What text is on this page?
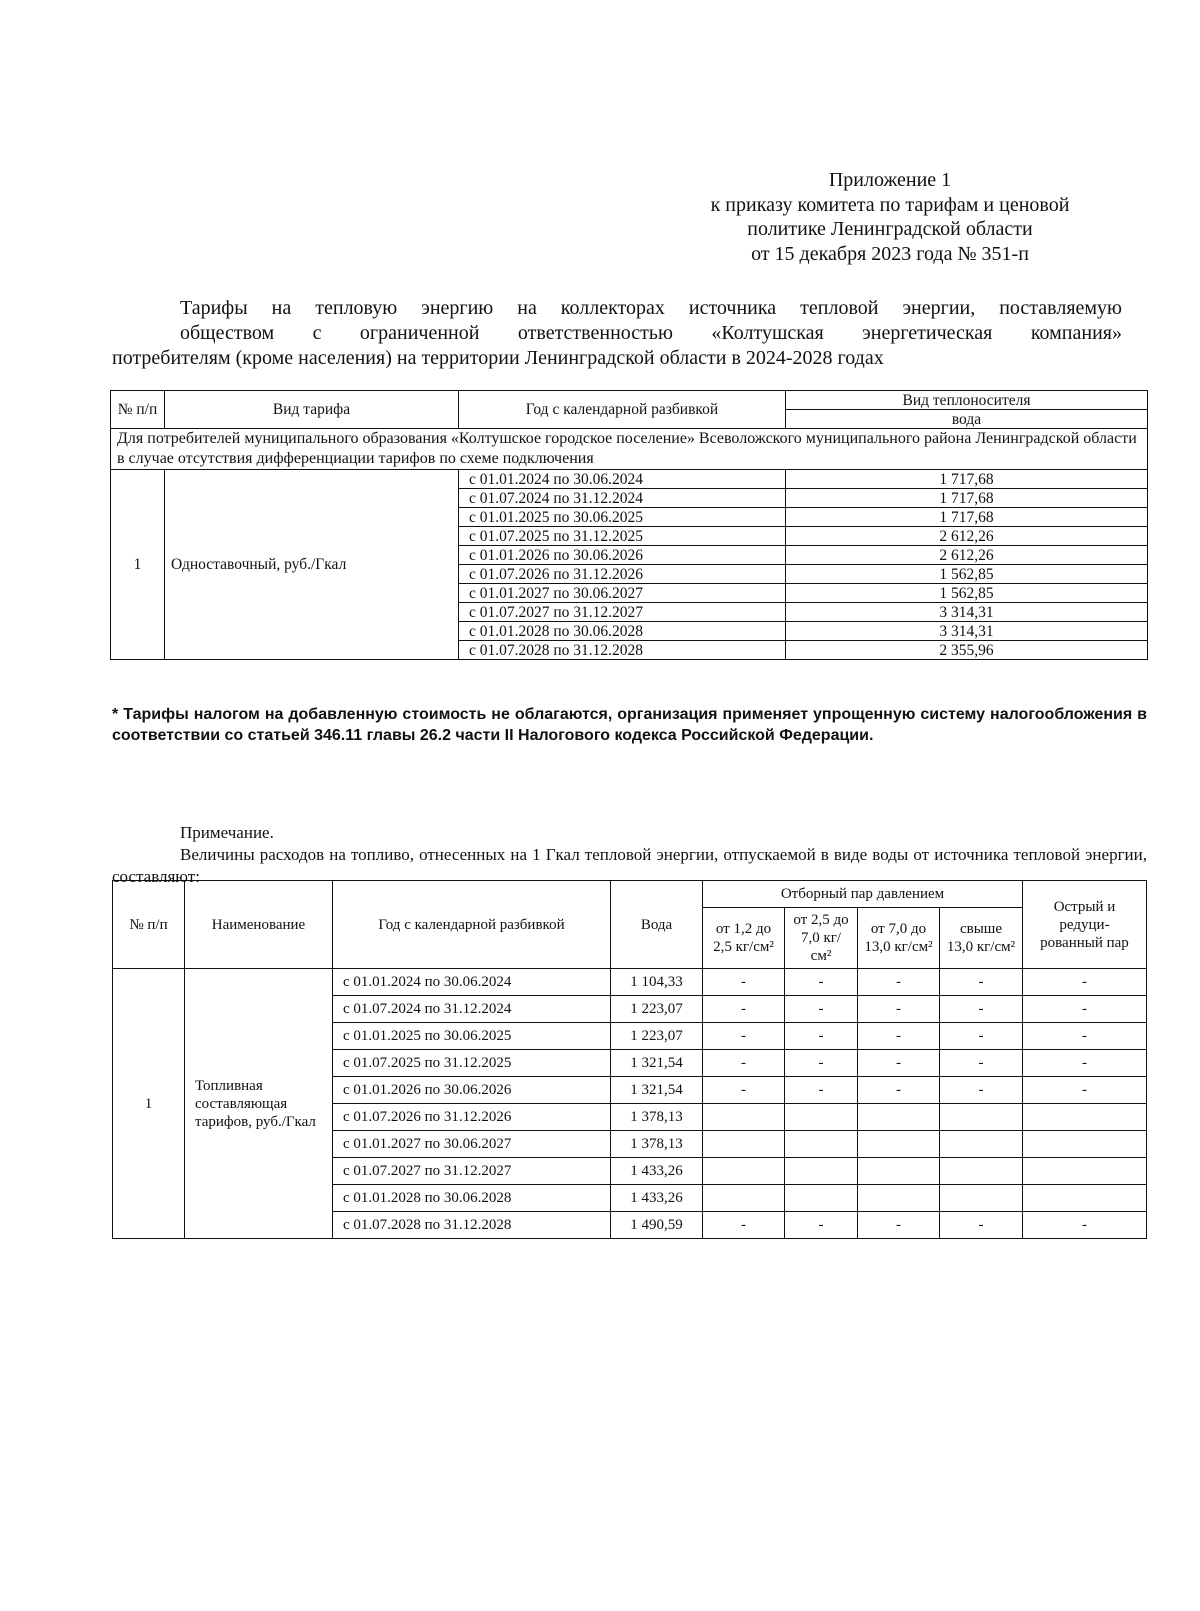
Приложение 1
к приказу комитета по тарифам и ценовой
политике Ленинградской области
от 15 декабря 2023 года № 351-п
Тарифы на тепловую энергию на коллекторах источника тепловой энергии, поставляемую
обществом с ограниченной ответственностью «Колтушская энергетическая компания»
потребителям (кроме населения) на территории Ленинградской области в 2024-2028 годах
№ п/п	Вид тарифа	Год с календарной разбивкой	Вид теплоносителя
			вода
Для потребителей муниципального образования «Колтушское городское поселение» Всеволожского муниципального района Ленинградской области в случае отсутствия дифференциации тарифов по схеме подключения			
1	Одноставочный, руб./Гкал	с 01.01.2024 по 30.06.2024	1 717,68
		с 01.07.2024 по 31.12.2024	1 717,68
		с 01.01.2025 по 30.06.2025	1 717,68
		с 01.07.2025 по 31.12.2025	2 612,26
		с 01.01.2026 по 30.06.2026	2 612,26
		с 01.07.2026 по 31.12.2026	1 562,85
		с 01.01.2027 по 30.06.2027	1 562,85
		с 01.07.2027 по 31.12.2027	3 314,31
		с 01.01.2028 по 30.06.2028	3 314,31
		с 01.07.2028 по 31.12.2028	2 355,96
* Тарифы налогом на добавленную стоимость не облагаются, организация применяет упрощенную систему налогообложения в соответствии со статьей 346.11 главы 26.2 части II Налогового кодекса Российской Федерации.
Примечание.
Величины расходов на топливо, отнесенных на 1 Гкал тепловой энергии, отпускаемой в виде воды от источника тепловой энергии, составляют:
№ п/п	Наименование	Год с календарной разбивкой	Вода	Отборный пар давлением				Острый и редуци-рованный пар
				от 1,2 до 2,5 кг/см²	от 2,5 до 7,0 кг/см²	от 7,0 до 13,0 кг/см²	свыше 13,0 кг/см²	
1	Топливная составляющая тарифов, руб./Гкал	с 01.01.2024 по 30.06.2024	1 104,33	-	-	-	-	-
		с 01.07.2024 по 31.12.2024	1 223,07	-	-	-	-	-
		с 01.01.2025 по 30.06.2025	1 223,07	-	-	-	-	-
		с 01.07.2025 по 31.12.2025	1 321,54	-	-	-	-	-
		с 01.01.2026 по 30.06.2026	1 321,54	-	-	-	-	-
		с 01.07.2026 по 31.12.2026	1 378,13					
		с 01.01.2027 по 30.06.2027	1 378,13					
		с 01.07.2027 по 31.12.2027	1 433,26					
		с 01.01.2028 по 30.06.2028	1 433,26					
		с 01.07.2028 по 31.12.2028	1 490,59	-	-	-	-	-
